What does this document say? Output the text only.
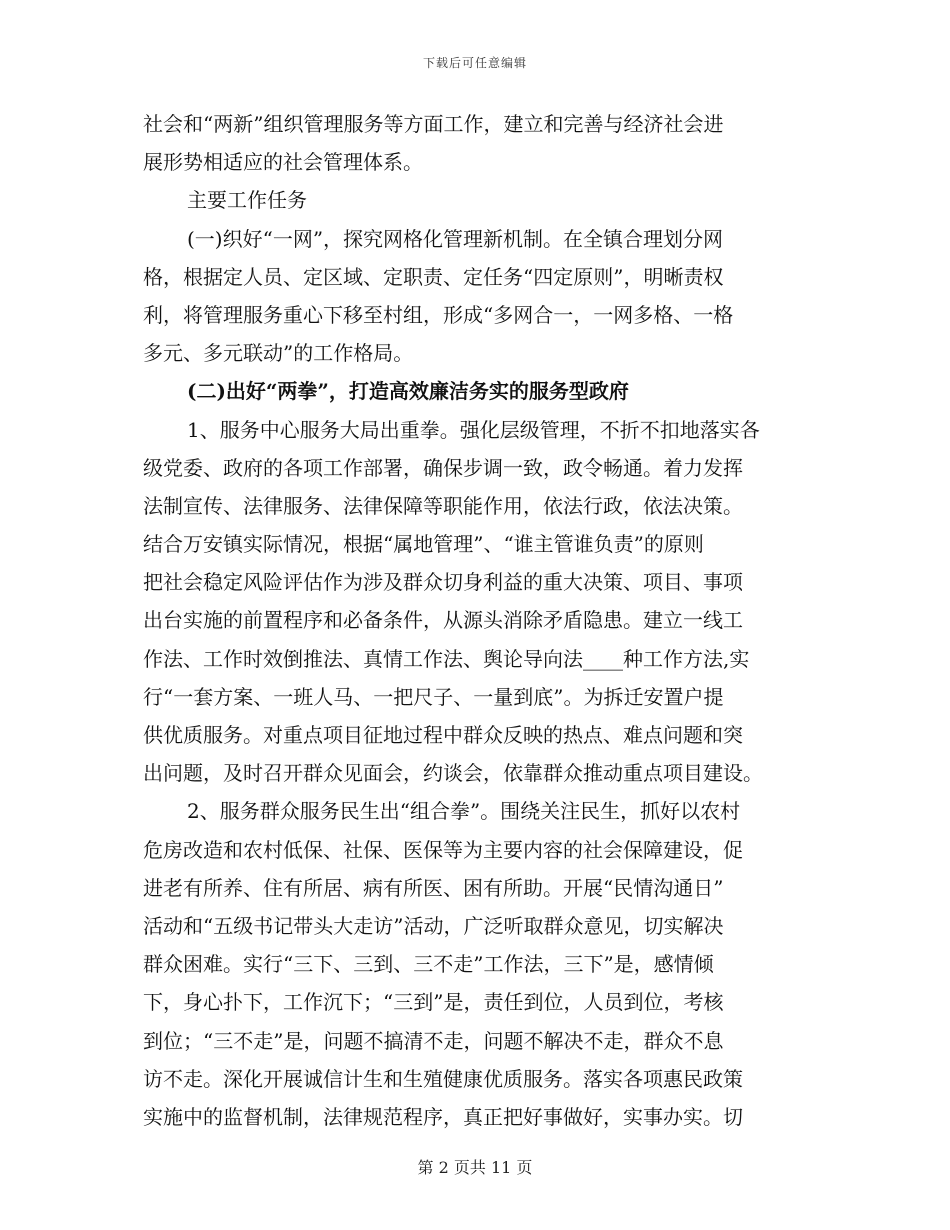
下载后可任意编辑
社会和“两新”组织管理服务等方面工作，建立和完善与经济社会进
展形势相适应的社会管理体系。
主要工作任务
(一)织好“一网”，探究网格化管理新机制。在全镇合理划分网
格，根据定人员、定区域、定职责、定任务“四定原则”，明晰责权
利，将管理服务重心下移至村组，形成“多网合一，一网多格、一格
多元、多元联动”的工作格局。
(二)出好“两拳”，打造高效廉洁务实的服务型政府
1、服务中心服务大局出重拳。强化层级管理，不折不扣地落实各
级党委、政府的各项工作部署，确保步调一致，政令畅通。着力发挥
法制宣传、法律服务、法律保障等职能作用，依法行政，依法决策。
结合万安镇实际情况，根据“属地管理”、“谁主管谁负责”的原则
把社会稳定风险评估作为涉及群众切身利益的重大决策、项目、事项
出台实施的前置程序和必备条件，从源头消除矛盾隐患。建立一线工
作法、工作时效倒推法、真情工作法、舆论导向法____种工作方法,实
行“一套方案、一班人马、一把尺子、一量到底”。为拆迁安置户提
供优质服务。对重点项目征地过程中群众反映的热点、难点问题和突
出问题，及时召开群众见面会，约谈会，依靠群众推动重点项目建设。
2、服务群众服务民生出“组合拳”。围绕关注民生，抓好以农村
危房改造和农村低保、社保、医保等为主要内容的社会保障建设，促
进老有所养、住有所居、病有所医、困有所助。开展“民情沟通日”
活动和“五级书记带头大走访”活动，广泛听取群众意见，切实解决
群众困难。实行“三下、三到、三不走”工作法，三下”是，感情倾
下，身心扑下，工作沉下；“三到”是，责任到位，人员到位，考核
到位；“三不走”是，问题不搞清不走，问题不解决不走，群众不息
访不走。深化开展诚信计生和生殖健康优质服务。落实各项惠民政策
实施中的监督机制，法律规范程序，真正把好事做好，实事办实。切
第 2 页共 11 页
